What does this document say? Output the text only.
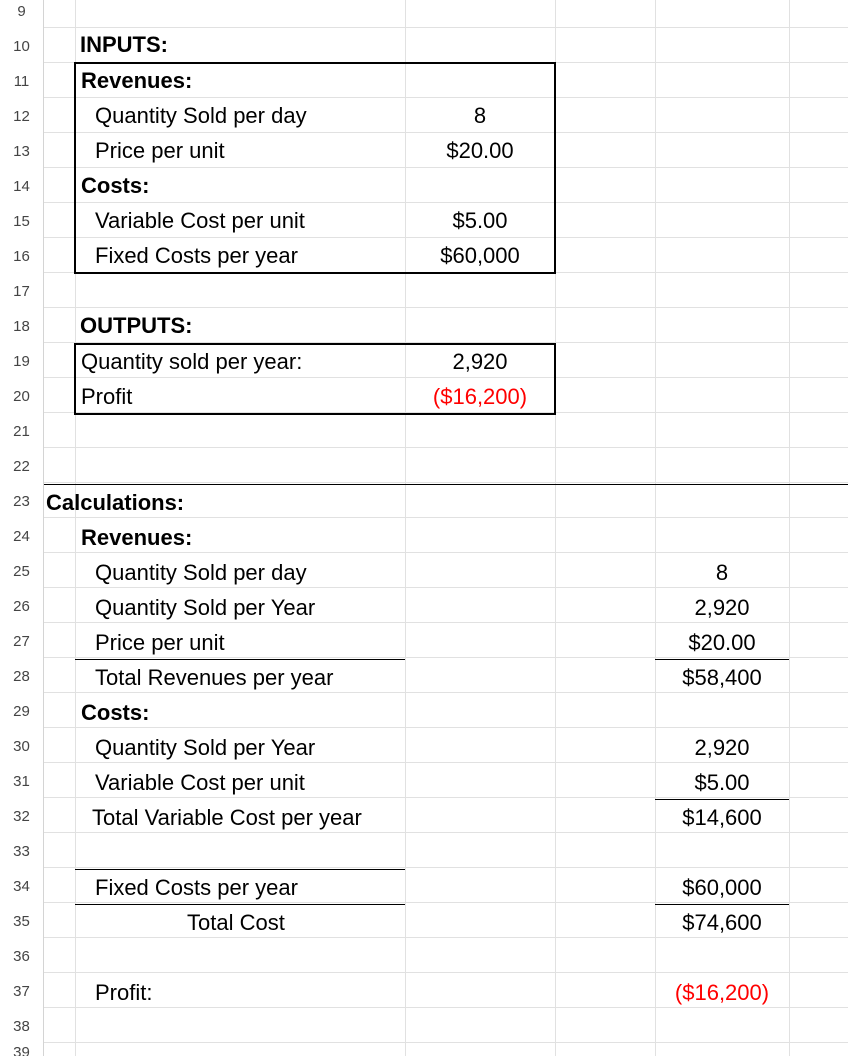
9
10
11
12
13
14
15
16
17
18
19
20
21
22
23
24
25
26
27
28
29
30
31
32
33
34
35
36
37
38
39
INPUTS:
Revenues:
Quantity Sold per day	8
Price per unit	$20.00
Costs:
Variable Cost per unit	$5.00
Fixed Costs per year	$60,000
OUTPUTS:
Quantity sold per year:	2,920
Profit	($16,200)
Calculations:
Revenues:
Quantity Sold per day	8
Quantity Sold per Year	2,920
Price per unit	$20.00
Total Revenues per year	$58,400
Costs:
Quantity Sold per Year	2,920
Variable Cost per unit	$5.00
Total Variable Cost per year	$14,600
Fixed Costs per year	$60,000
Total Cost	$74,600
Profit:	($16,200)
